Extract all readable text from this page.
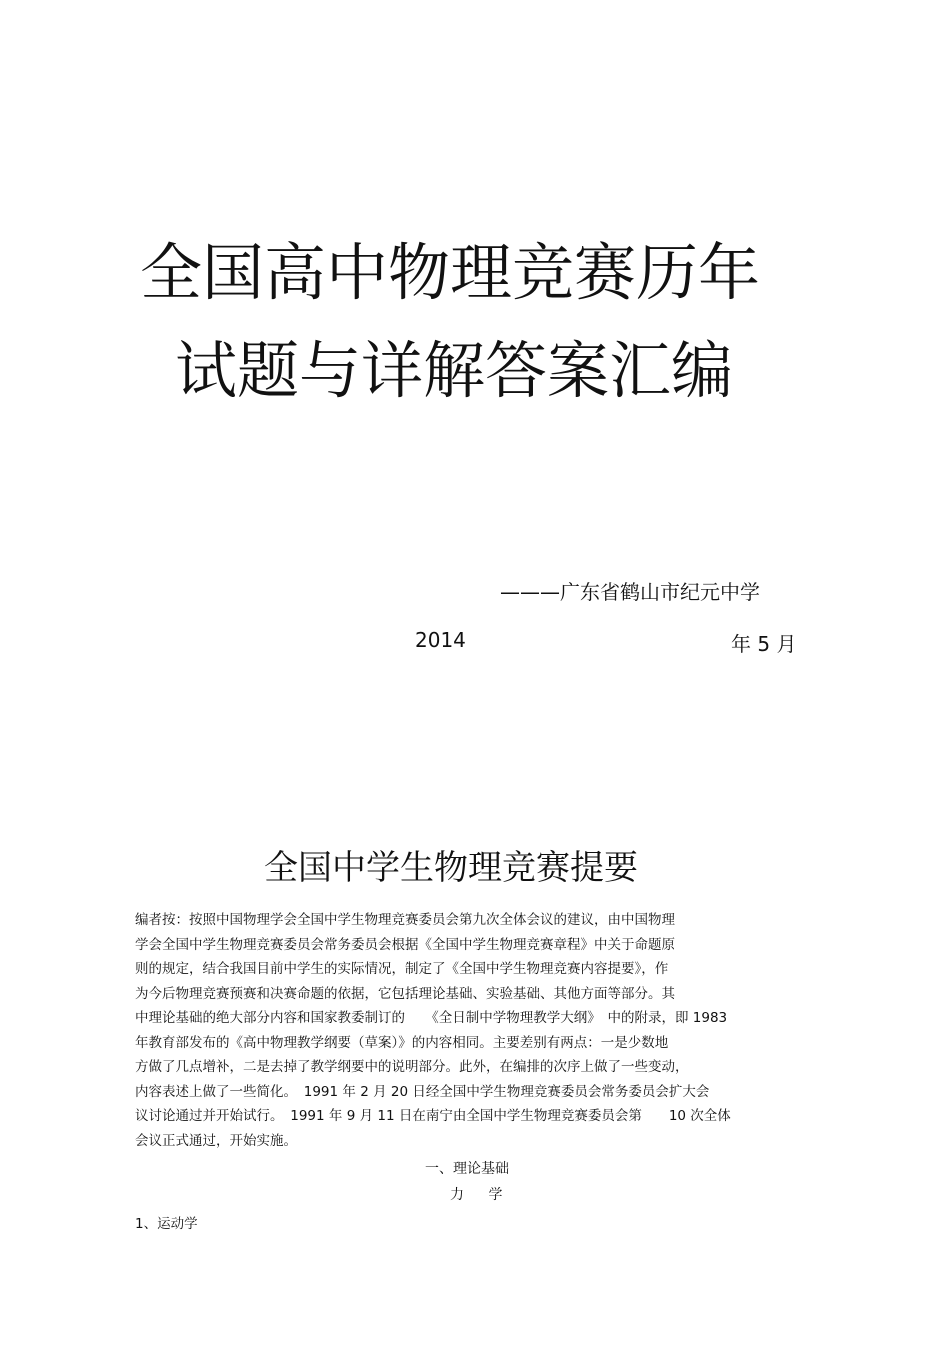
全国高中物理竞赛历年
试题与详解答案汇编
———广东省鹤山市纪元中学
2014	年 5 月
全国中学生物理竞赛提要
编者按：按照中国物理学会全国中学生物理竞赛委员会第九次全体会议的建议，由中国物理
学会全国中学生物理竞赛委员会常务委员会根据《全国中学生物理竞赛章程》中关于命题原
则的规定，结合我国目前中学生的实际情况，制定了《全国中学生物理竞赛内容提要》，作
为今后物理竞赛预赛和决赛命题的依据，它包括理论基础、实验基础、其他方面等部分。其
中理论基础的绝大部分内容和国家教委制订的　　《全日制中学物理教学大纲》　中的附录，即 1983
年教育部发布的《高中物理教学纲要（草案）》的内容相同。主要差别有两点：一是少数地
方做了几点增补，二是去掉了教学纲要中的说明部分。此外，在编排的次序上做了一些变动，
内容表述上做了一些简化。　1991 年 2 月 20 日经全国中学生物理竞赛委员会常务委员会扩大会
议讨论通过并开始试行。　1991 年 9 月 11 日在南宁由全国中学生物理竞赛委员会第　　10 次全体
会议正式通过，开始实施。
一、理论基础
力 学
1、运动学
